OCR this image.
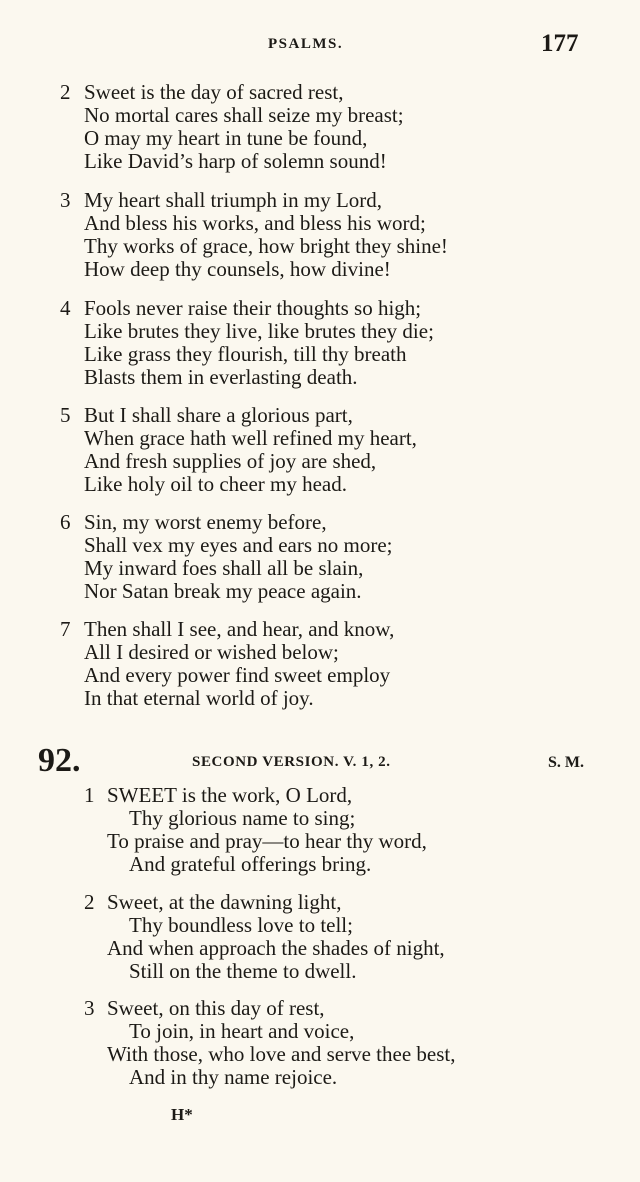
PSALMS.	177
2 Sweet is the day of sacred rest,
No mortal cares shall seize my breast;
O may my heart in tune be found,
Like David’s harp of solemn sound!
3 My heart shall triumph in my Lord,
And bless his works, and bless his word;
Thy works of grace, how bright they shine!
How deep thy counsels, how divine!
4 Fools never raise their thoughts so high;
Like brutes they live, like brutes they die;
Like grass they flourish, till thy breath
Blasts them in everlasting death.
5 But I shall share a glorious part,
When grace hath well refined my heart,
And fresh supplies of joy are shed,
Like holy oil to cheer my head.
6 Sin, my worst enemy before,
Shall vex my eyes and ears no more;
My inward foes shall all be slain,
Nor Satan break my peace again.
7 Then shall I see, and hear, and know,
All I desired or wished below;
And every power find sweet employ
In that eternal world of joy.
92.	SECOND VERSION. V. 1, 2.	S. M.
1 SWEET is the work, O Lord,
Thy glorious name to sing;
To praise and pray—to hear thy word,
And grateful offerings bring.
2 Sweet, at the dawning light,
Thy boundless love to tell;
And when approach the shades of night,
Still on the theme to dwell.
3 Sweet, on this day of rest,
To join, in heart and voice,
With those, who love and serve thee best,
And in thy name rejoice.
H*
